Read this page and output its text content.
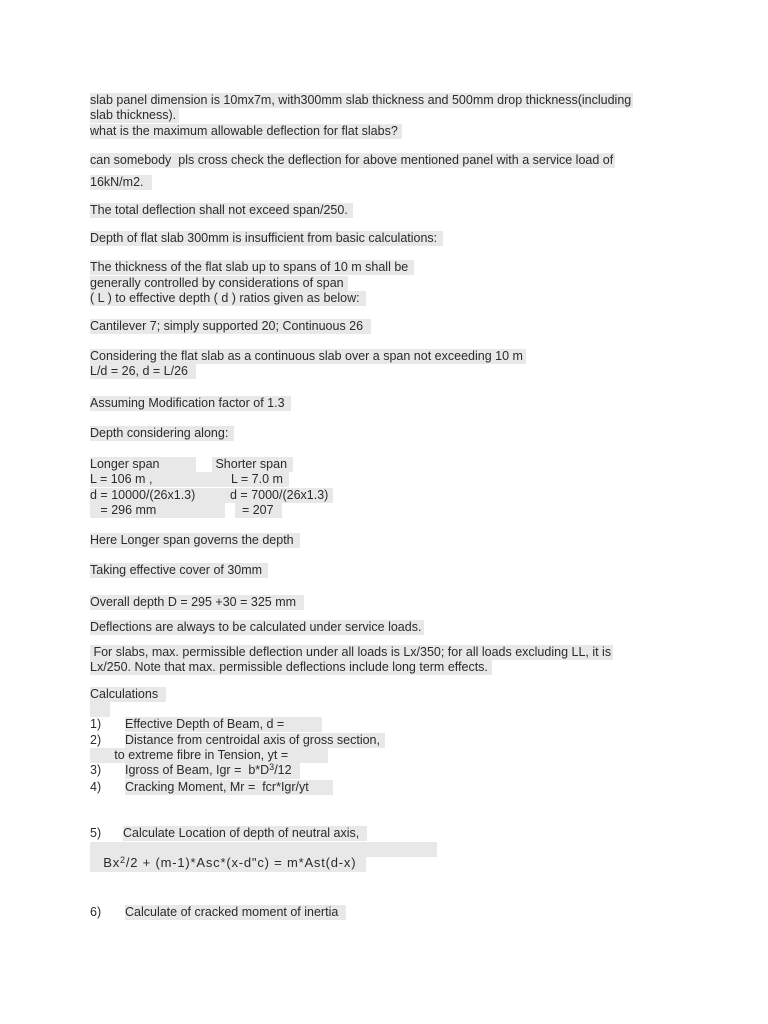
slab panel dimension is 10mx7m, with300mm slab thickness and 500mm drop thickness(including
slab thickness).
what is the maximum allowable deflection for flat slabs?
can somebody  pls cross check the deflection for above mentioned panel with a service load of
16kN/m2.
The total deflection shall not exceed span/250.
Depth of flat slab 300mm is insufficient from basic calculations:
The thickness of the flat slab up to spans of 10 m shall be
generally controlled by considerations of span
( L ) to effective depth ( d ) ratios given as below:
Cantilever 7; simply supported 20; Continuous 26
Considering the flat slab as a continuous slab over a span not exceeding 10 m
L/d = 26, d = L/26
Assuming Modification factor of 1.3
Depth considering along:
Longer span	Shorter span
L = 106 m ,	L = 7.0 m
d = 10000/(26x1.3)	d = 7000/(26x1.3)
= 296 mm	= 207
Here Longer span governs the depth
Taking effective cover of 30mm
Overall depth D = 295 +30 = 325 mm
Deflections are always to be calculated under service loads.
For slabs, max. permissible deflection under all loads is Lx/350; for all loads excluding LL, it is
Lx/250. Note that max. permissible deflections include long term effects.
Calculations

1) Effective Depth of Beam, d =
2) Distance from centroidal axis of gross section,
to extreme fibre in Tension, yt =
3) Igross of Beam, Igr =  $b*D^3/12$
4) Cracking Moment, Mr =  fcr*Igr/yt
5) Calculate Location of depth of neutral axis,

$Bx^2/2$ + (m-1)*Asc*(x-d"c) = m*Ast(d-x)
6) Calculate of cracked moment of inertia
